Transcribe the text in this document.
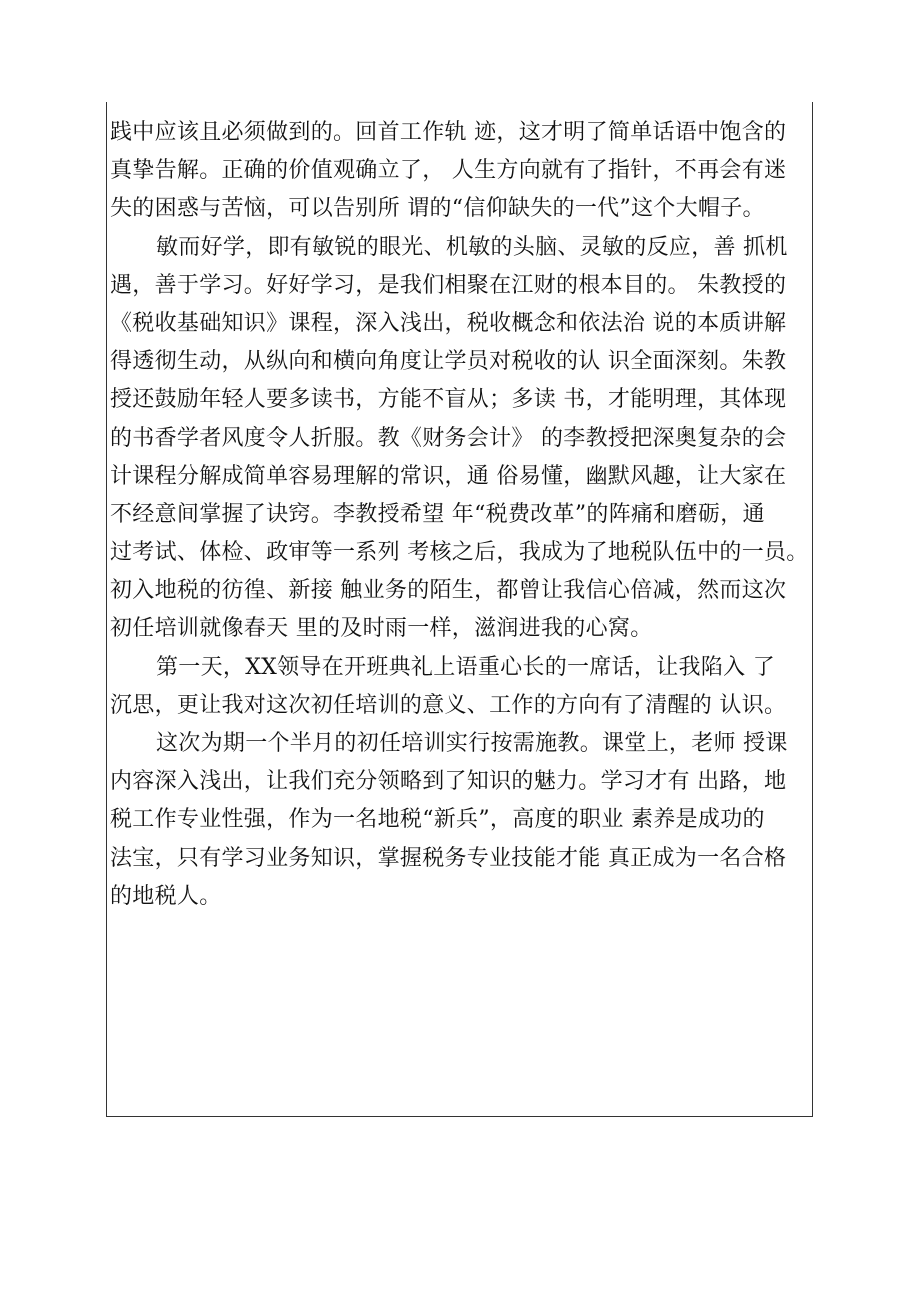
践中应该且必须做到的。回首工作轨 迹，这才明了简单话语中饱含的
真挚告解。正确的价值观确立了， 人生方向就有了指针，不再会有迷
失的困惑与苦恼，可以告别所 谓的“信仰缺失的一代”这个大帽子。
敏而好学，即有敏锐的眼光、机敏的头脑、灵敏的反应，善 抓机
遇，善于学习。好好学习，是我们相聚在江财的根本目的。 朱教授的
《税收基础知识》课程，深入浅出，税收概念和依法治 说的本质讲解
得透彻生动，从纵向和横向角度让学员对税收的认 识全面深刻。朱教
授还鼓励年轻人要多读书，方能不盲从；多读 书，才能明理，其体现
的书香学者风度令人折服。教《财务会计》 的李教授把深奥复杂的会
计课程分解成简单容易理解的常识，通 俗易懂，幽默风趣，让大家在
不经意间掌握了诀窍。李教授希望 年“税费改革”的阵痛和磨砺，通
过考试、体检、政审等一系列 考核之后，我成为了地税队伍中的一员。
初入地税的彷徨、新接 触业务的陌生，都曾让我信心倍减，然而这次
初任培训就像春天 里的及时雨一样，滋润进我的心窝。
第一天，XX领导在开班典礼上语重心长的一席话，让我陷入 了
沉思，更让我对这次初任培训的意义、工作的方向有了清醒的 认识。
这次为期一个半月的初任培训实行按需施教。课堂上，老师 授课
内容深入浅出，让我们充分领略到了知识的魅力。学习才有 出路，地
税工作专业性强，作为一名地税“新兵”，高度的职业 素养是成功的
法宝，只有学习业务知识，掌握税务专业技能才能 真正成为一名合格
的地税人。
